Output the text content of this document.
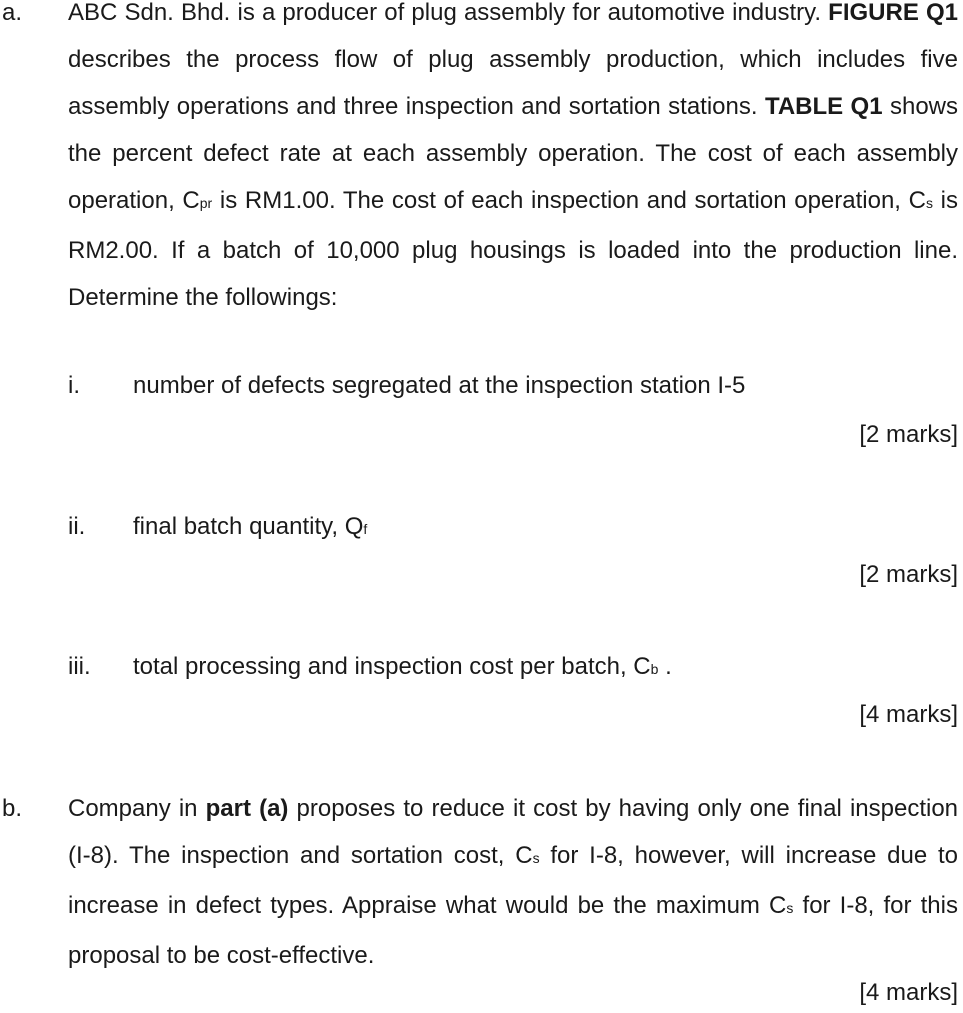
a. ABC Sdn. Bhd. is a producer of plug assembly for automotive industry. FIGURE Q1 describes the process flow of plug assembly production, which includes five assembly operations and three inspection and sortation stations. TABLE Q1 shows the percent defect rate at each assembly operation. The cost of each assembly operation, Cpr is RM1.00. The cost of each inspection and sortation operation, Cs is RM2.00. If a batch of 10,000 plug housings is loaded into the production line. Determine the followings:

i. number of defects segregated at the inspection station I-5
[2 marks]
ii. final batch quantity, Qf
[2 marks]
iii. total processing and inspection cost per batch, Cb .
[4 marks]
b. Company in part (a) proposes to reduce it cost by having only one final inspection (I-8). The inspection and sortation cost, Cs for I-8, however, will increase due to increase in defect types. Appraise what would be the maximum Cs for I-8, for this proposal to be cost-effective.

[4 marks]
